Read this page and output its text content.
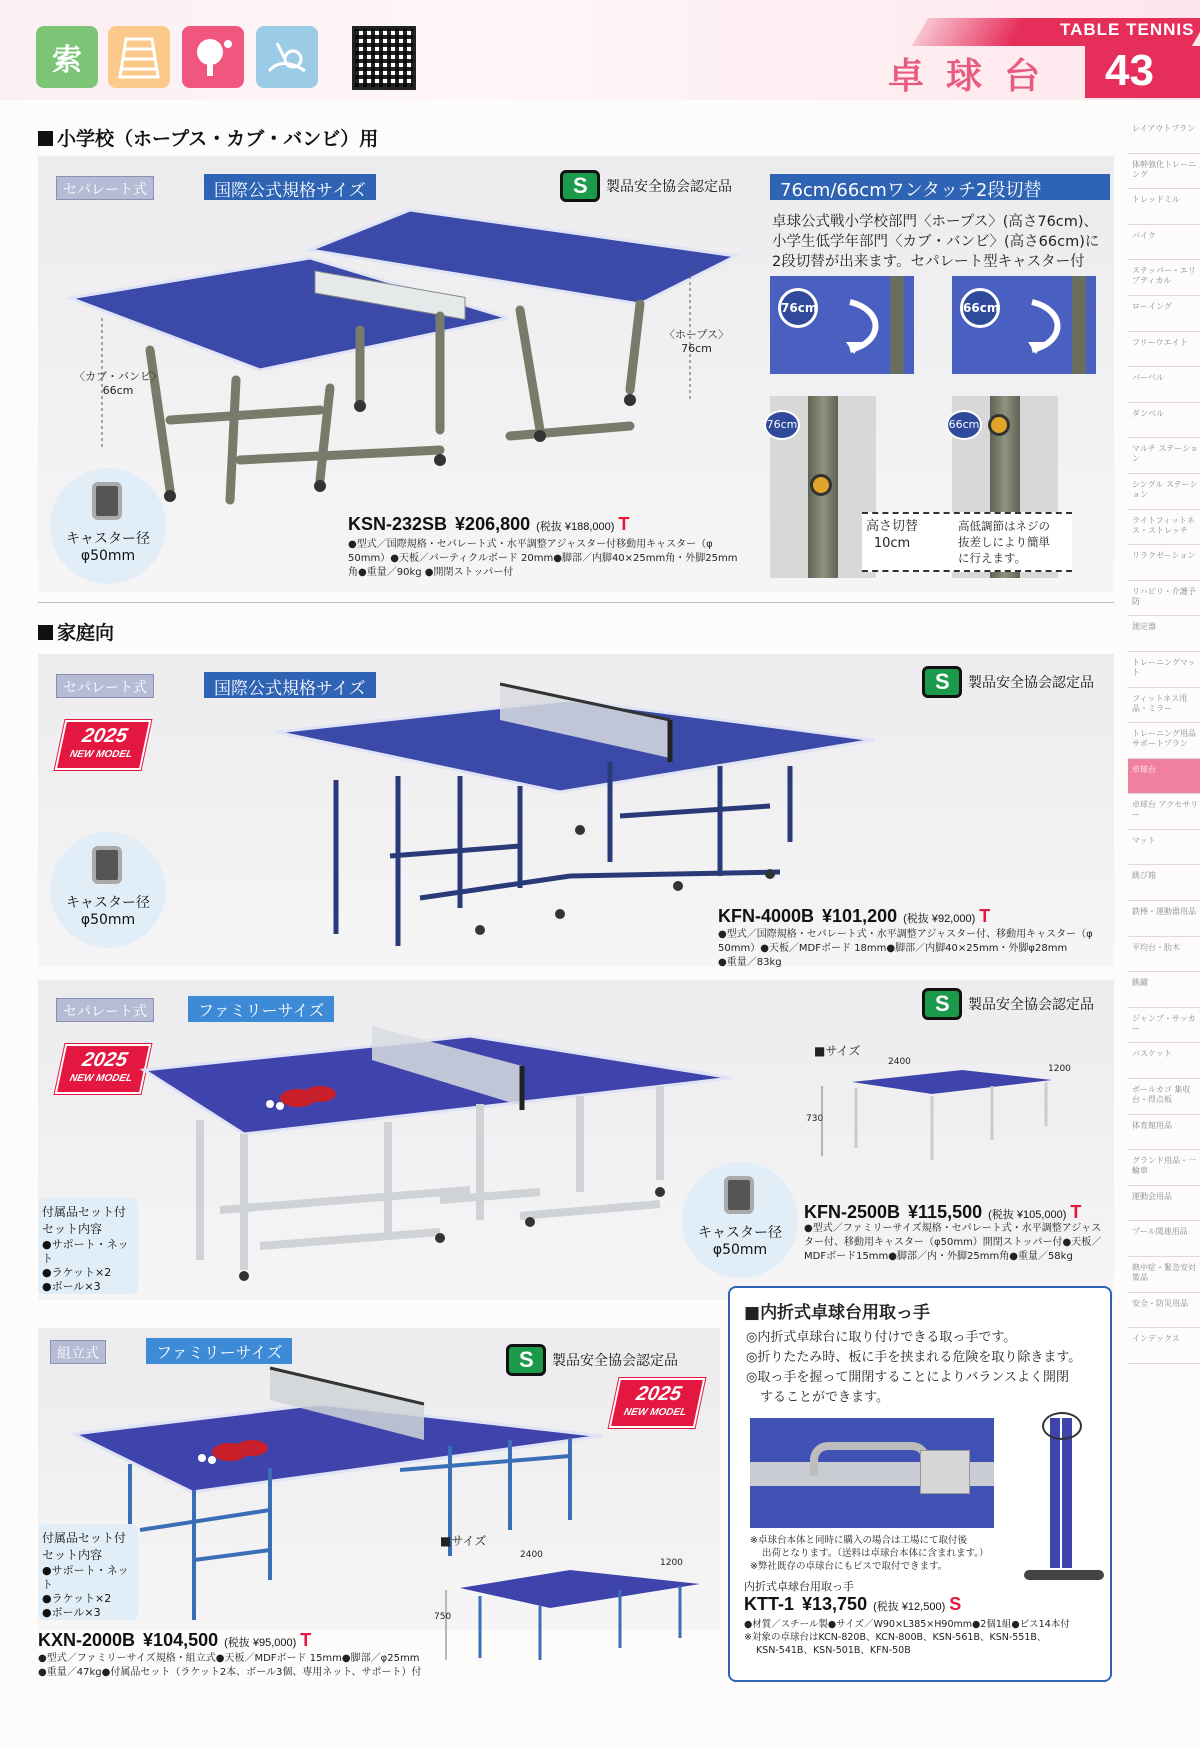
索
TABLE TENNIS
卓球台 43
レイアウトプラン
体幹強化トレーニング
トレッドミル
バイク
ステッパー・エリプティカル
ローイング
フリーウエイト
バーベル
ダンベル
マルチ ステーション
シングル ステーション
ライトフィットネス・ストレッチ
リラクゼーション
リハビリ・介護予防
測定器
トレーニングマット
フィットネス用品・ミラー
トレーニング用品 サポートプラン
卓球台
卓球台 アクセサリー
マット
跳び箱
鉄棒・運動器用品
平均台・肋木
跳躍
ジャンプ・サッカー
バスケット
ボールカゴ 集収台・得点板
体育館用品
グランド用品・一輪車
運動会用品
プール関連用品
熱中症・緊急安対策品
安全・防災用品
インデックス
小学校（ホープス・カブ・バンビ）用
セパレート式	国際公式規格サイズ S	製品安全協会認定品
〈ホープス〉
76cm
〈カブ・バンビ〉
66cm
キャスター径
φ50mm
KSN-232SB ¥206,800 (税抜 ¥188,000) T
●型式／国際規格・セパレート式・水平調整アジャスター付移動用キャスター（φ
50mm）●天板／パーティクルボード 20mm●脚部／内脚40×25mm角・外脚25mm
角●重量／90kg ●開閉ストッパー付
76cm/66cmワンタッチ2段切替
卓球公式戦小学校部門〈ホープス〉(高さ76cm)、
小学生低学年部門〈カブ・バンビ〉(高さ66cm)に
2段切替が出来ます。セパレート型キャスター付
76cm	66cm
76cm	66cm
高さ切替
10cm
高低調節はネジの
抜差しにより簡単
に行えます。
家庭向
セパレート式	国際公式規格サイズ S	製品安全協会認定品
2025
NEW MODEL
キャスター径
φ50mm	KFN-4000B ¥101,200 (税抜 ¥92,000) T
●型式／国際規格・セパレート式・水平調整アジャスター付、移動用キャスター（φ
50mm）●天板／MDFボード 18mm●脚部／内脚40×25mm・外脚φ28mm
●重量／83kg
セパレート式	ファミリーサイズ S	製品安全協会認定品
2025
NEW MODEL
■サイズ
2400
1200
730
付属品セット付
セット内容
●サポート・ネット
●ラケット×2
●ボール×3
キャスター径
φ50mm
KFN-2500B ¥115,500 (税抜 ¥105,000) T
●型式／ファミリーサイズ規格・セパレート式・水平調整アジャス
ター付、移動用キャスター（φ50mm）開閉ストッパー付●天板／
MDFボード15mm●脚部／内・外脚25mm角●重量／58kg
組立式	ファミリーサイズ S	製品安全協会認定品
2025
NEW MODEL
付属品セット付
セット内容
●サポート・ネット
●ラケット×2
●ボール×3
■サイズ
2400
1200
750
KXN-2000B ¥104,500 (税抜 ¥95,000) T
●型式／ファミリーサイズ規格・組立式●天板／MDFボード 15mm●脚部／φ25mm
●重量／47kg●付属品セット（ラケット2本、ボール3個、専用ネット、サポート）付
■内折式卓球台用取っ手
◎内折式卓球台に取り付けできる取っ手です。
◎折りたたみ時、板に手を挟まれる危険を取り除きます。
◎取っ手を握って開閉することによりバランスよく開閉
することができます。
※卓球台本体と同時に購入の場合は工場にて取付後
出荷となります。（送料は卓球台本体に含まれます。）
※弊社既存の卓球台にもビスで取付できます。
内折式卓球台用取っ手
KTT-1 ¥13,750 (税抜 ¥12,500) S
●材質／スチール製●サイズ／W90×L385×H90mm●2個1組●ビス14本付
※対象の卓球台はKCN-820B、KCN-800B、KSN-561B、KSN-551B、
KSN-541B、KSN-501B、KFN-50B
